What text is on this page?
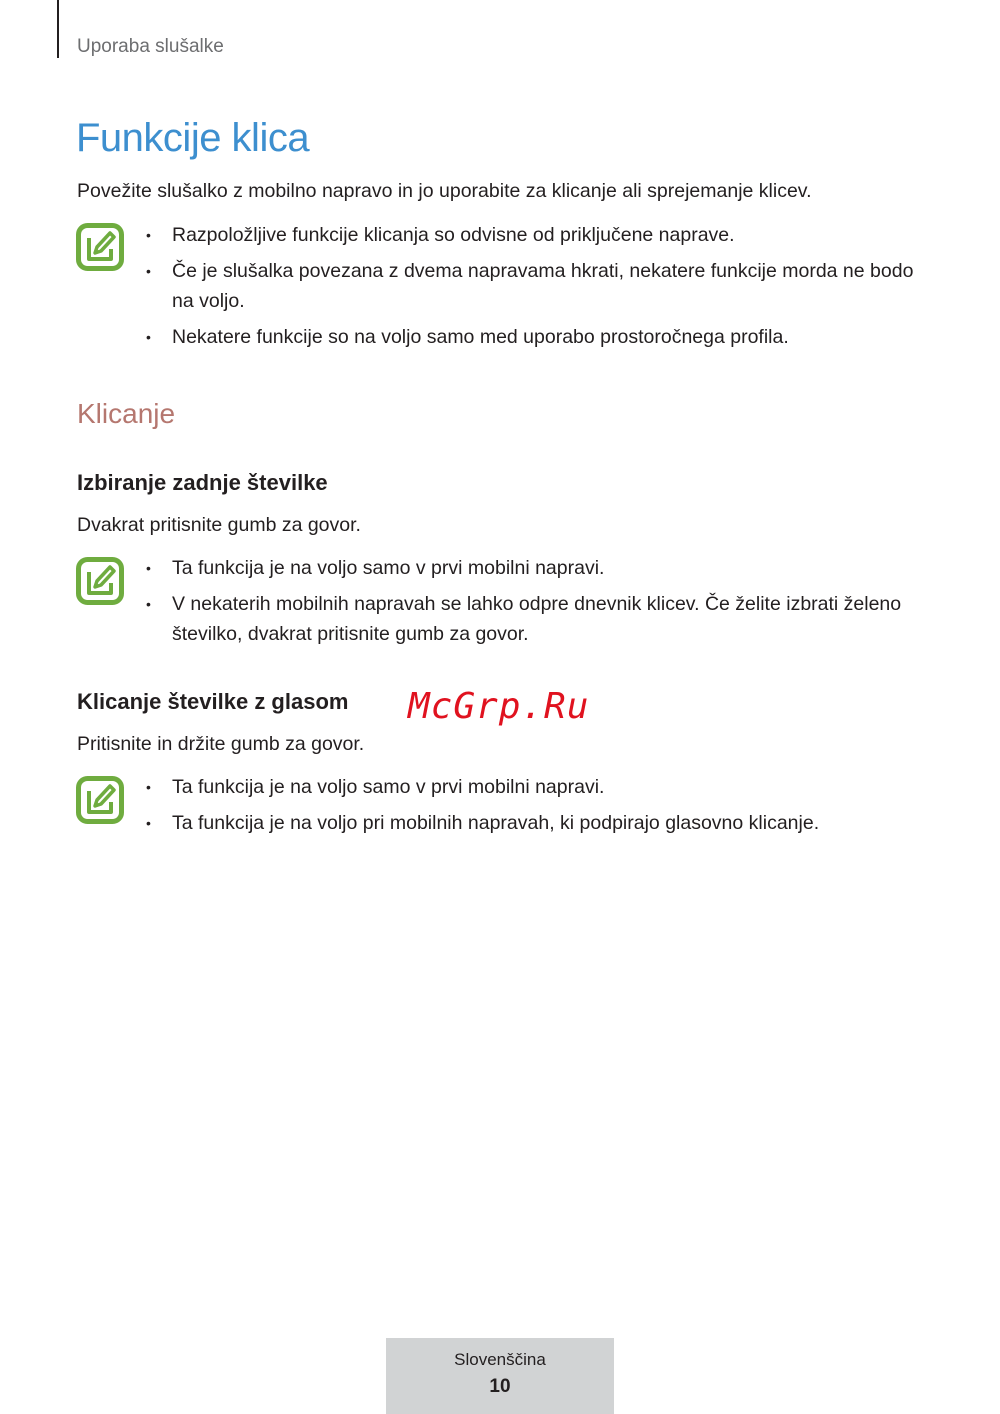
Uporaba slušalke
Funkcije klica

Povežite slušalko z mobilno napravo in jo uporabite za klicanje ali sprejemanje klicev.

• Razpoložljive funkcije klicanja so odvisne od priključene naprave.
• Če je slušalka povezana z dvema napravama hkrati, nekatere funkcije morda ne bodo na voljo.
• Nekatere funkcije so na voljo samo med uporabo prostoročnega profila.
Klicanje
Izbiranje zadnje številke

Dvakrat pritisnite gumb za govor.

• Ta funkcija je na voljo samo v prvi mobilni napravi.
• V nekaterih mobilnih napravah se lahko odpre dnevnik klicev. Če želite izbrati želeno številko, dvakrat pritisnite gumb za govor.
Klicanje številke z glasom McGrp.Ru

Pritisnite in držite gumb za govor.

• Ta funkcija je na voljo samo v prvi mobilni napravi.
• Ta funkcija je na voljo pri mobilnih napravah, ki podpirajo glasovno klicanje.
Slovenščina
10
